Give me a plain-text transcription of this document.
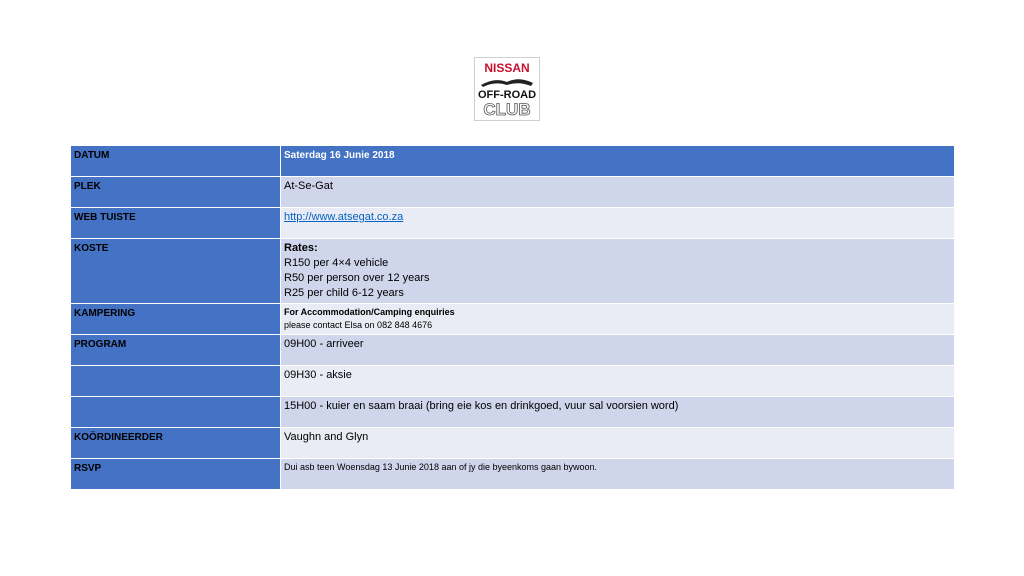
NISSAN
OFF-ROAD
CLUB
DATUM	Saterdag 16 Junie 2018
PLEK	At-Se-Gat
WEB TUISTE	http://www.atsegat.co.za
KOSTE	Rates:
R150 per 4×4 vehicle
R50 per person over 12 years
R25 per child 6-12 years

KAMPERING	For Accommodation/Camping enquiries
please contact Elsa on 082 848 4676

PROGRAM	09H00 - arriveer
	09H30 - aksie
	15H00 - kuier en saam braai (bring eie kos en drinkgoed, vuur sal voorsien word)
KOÖRDINEERDER	Vaughn and Glyn
RSVP	Dui asb teen Woensdag 13 Junie 2018 aan of jy die byeenkoms gaan bywoon.
